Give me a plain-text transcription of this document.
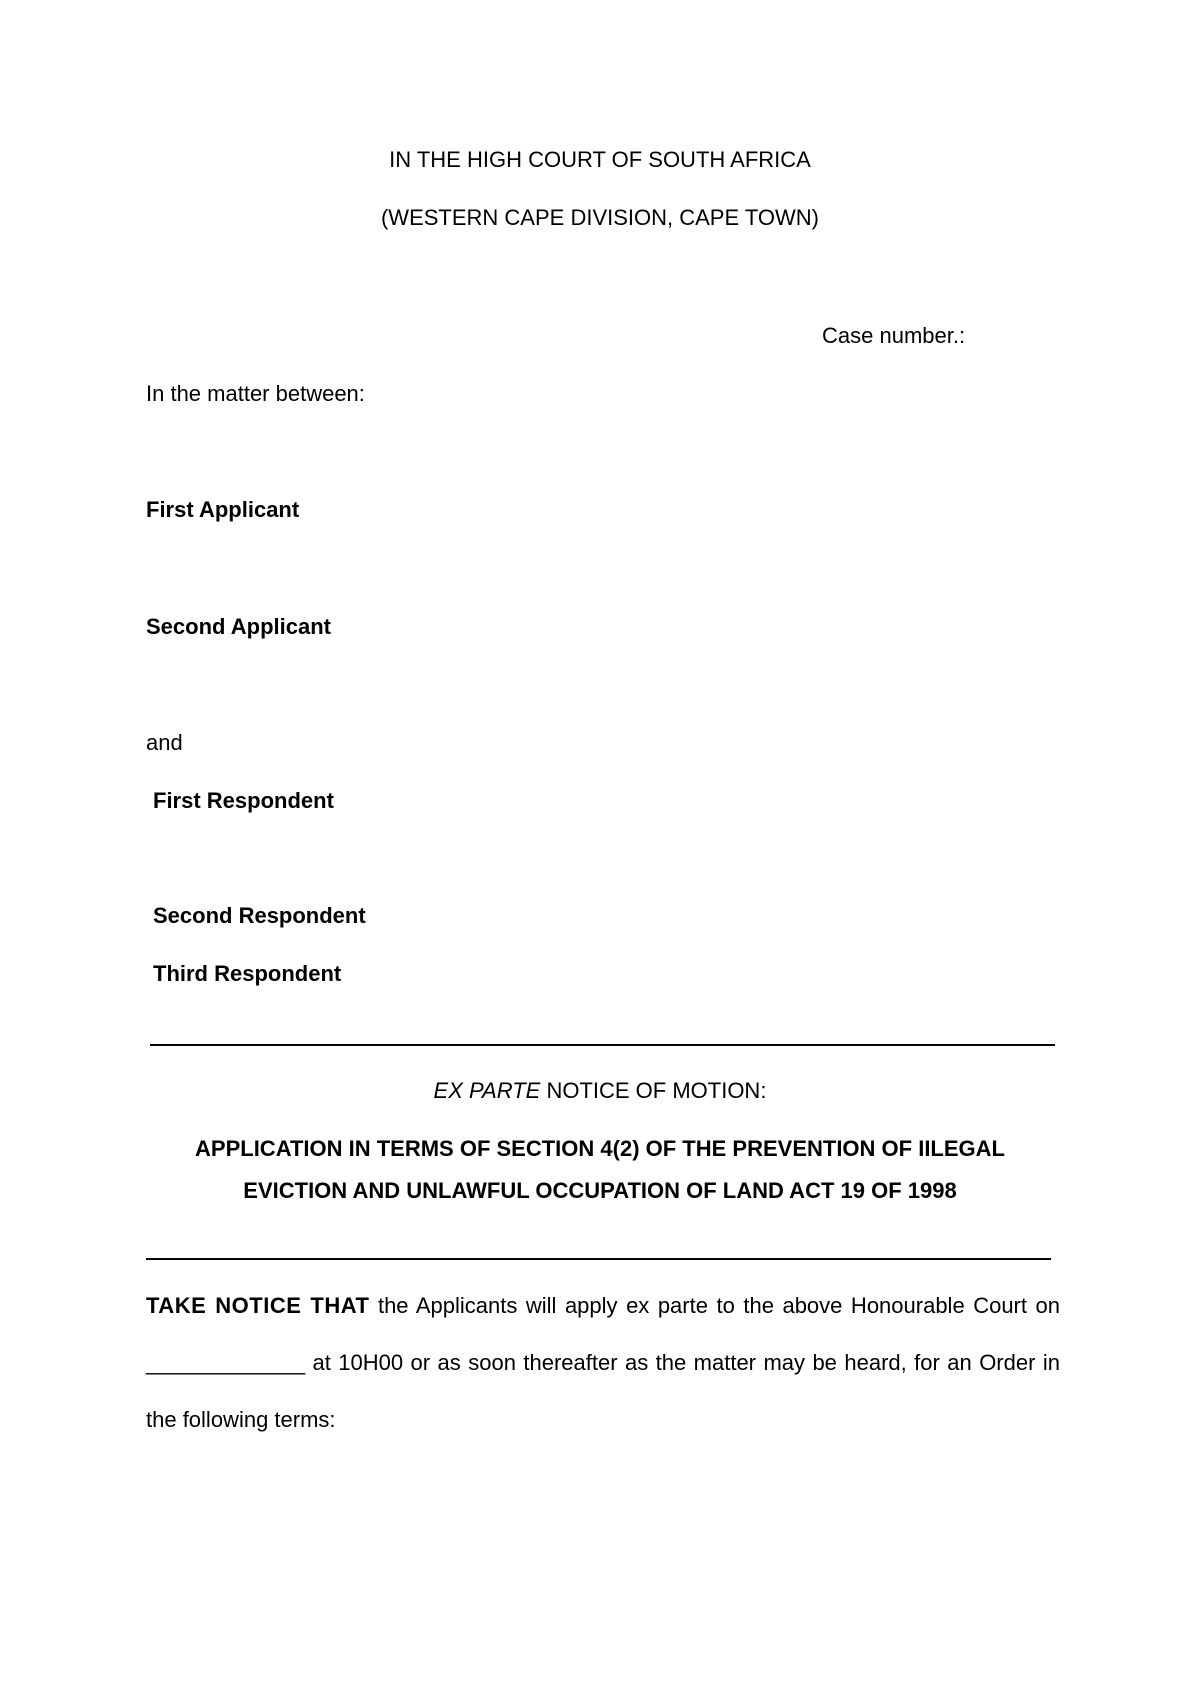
IN THE HIGH COURT OF SOUTH AFRICA
(WESTERN CAPE DIVISION, CAPE TOWN)
Case number.:
In the matter between:
First Applicant
Second Applicant
and
First Respondent
Second Respondent
Third Respondent
EX PARTE NOTICE OF MOTION:
APPLICATION IN TERMS OF SECTION 4(2) OF THE PREVENTION OF IILEGAL
EVICTION AND UNLAWFUL OCCUPATION OF LAND ACT 19 OF 1998
TAKE NOTICE THAT the Applicants will apply ex parte to the above Honourable Court on _____________ at 10H00 or as soon thereafter as the matter may be heard, for an Order in the following terms:
